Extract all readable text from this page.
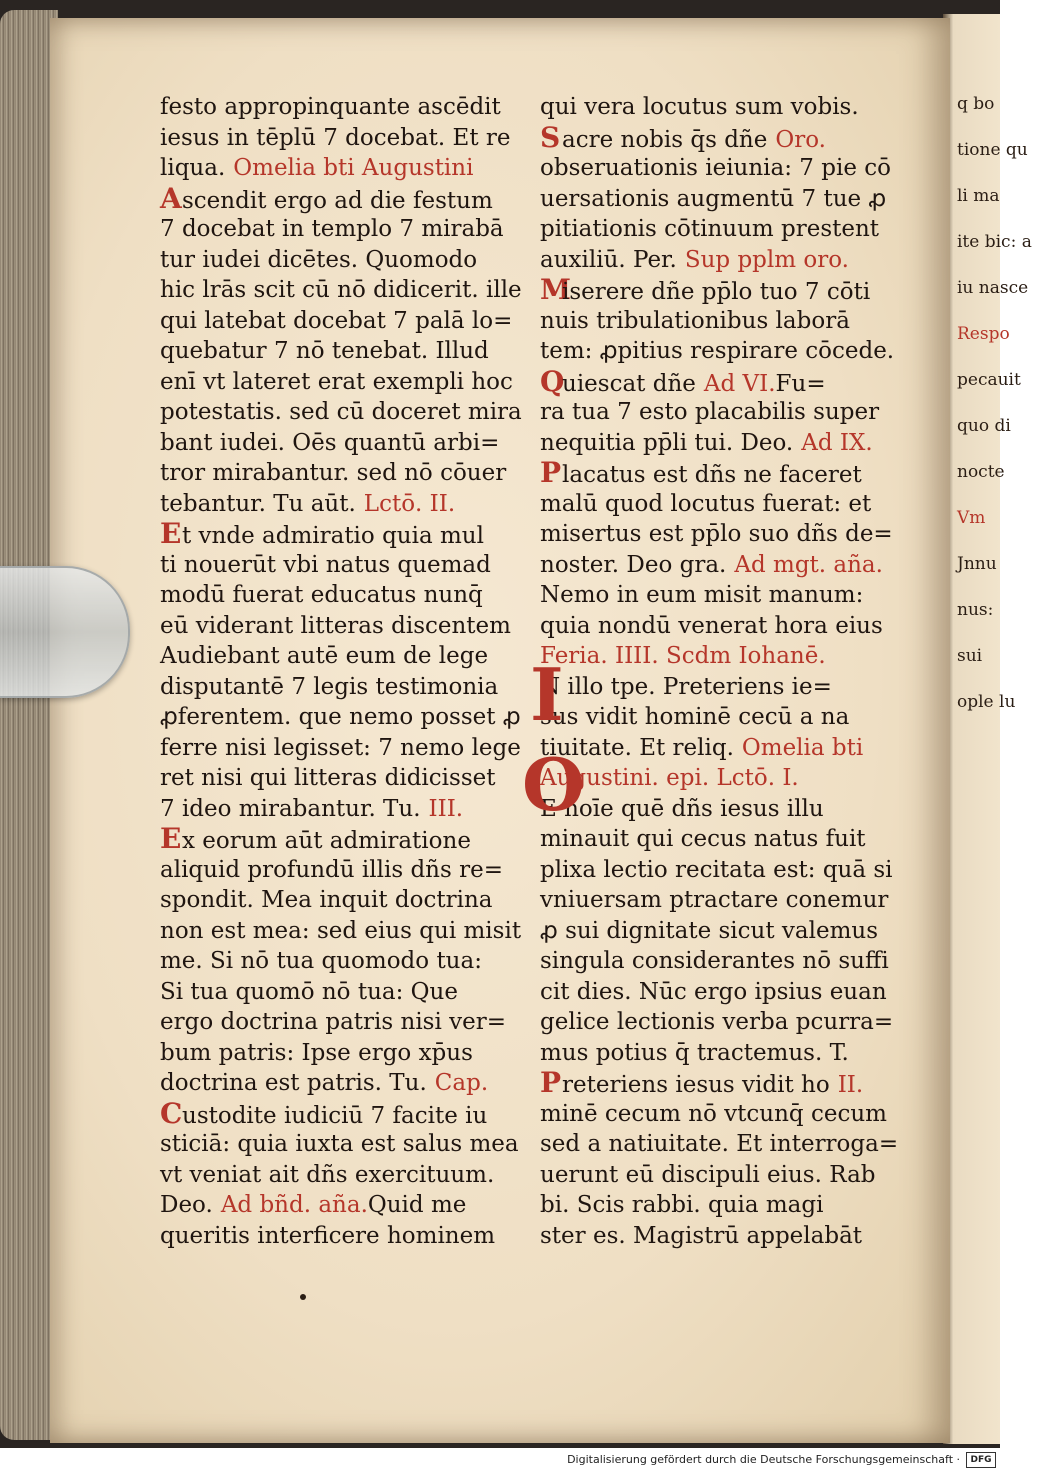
q bo
tione qu
li ma
ite bic: a
iu nasce
Respo
pecauit
quo di
nocte
Vm
Jnnu
nus:
sui
ople lu
festo appropinquante ascēdit
iesus in tēplū 7 docebat. Et re
liqua. Omelia bti Augustini
A scendit ergo ad die festum
7 docebat in templo 7 mirabā
tur iudei dicētes. Quomodo
hic lrās scit cū nō didicerit. ille
qui latebat docebat 7 palā lo=
quebatur 7 nō tenebat. Illud
enī vt lateret erat exempli hoc
potestatis. sed cū doceret mira
bant iudei. Oēs quantū arbi=
tror mirabantur. sed nō cōuer
tebantur. Tu aūt. Lctō. II.
E t vnde admiratio quia mul
ti nouerūt vbi natus quemad
modū fuerat educatus nunq̄
eū viderant litteras discentem
Audiebant autē eum de lege
disputantē 7 legis testimonia
ꝓferentem. que nemo posset ꝓ
ferre nisi legisset: 7 nemo lege
ret nisi qui litteras didicisset
7 ideo mirabantur. Tu. III.
E x eorum aūt admiratione
aliquid profundū illis dñs re=
spondit. Mea inquit doctrina
non est mea: sed eius qui misit
me. Si nō tua quomodo tua:
Si tua quomō nō tua: Que
ergo doctrina patris nisi ver=
bum patris: Ipse ergo xp̄us
doctrina est patris. Tu. Cap.
C ustodite iudiciū 7 facite iu
sticiā: quia iuxta est salus mea
vt veniat ait dñs exercituum.
Deo. Ad bñd. aña. Quid me
queritis interficere hominem
qui vera locutus sum vobis.
S acre nobis q̄s dñe Oro.
obseruationis ieiunia: 7 pie cō
uersationis augmentū 7 tue ꝓ
pitiationis cōtinuum prestent
auxiliū. Per. Sup pplm oro.
M
iserere dñe pp̄lo tuo 7 cōti
nuis tribulationibus laborā
tem: ꝓpitius respirare cōcede.
Q
uiescat dñe Ad VI. Fu=
ra tua 7 esto placabilis super
nequitia pp̄li tui. Deo. Ad IX.
P lacatus est dñs ne faceret
malū quod locutus fuerat: et
misertus est pp̄lo suo dñs de=
noster. Deo gra. Ad mgt. aña.
Nemo in eum misit manum:
quia nondū venerat hora eius
Feria. IIII. Scdm Iohanē.
N illo tpe. Preteriens ie=
sus vidit hominē cecū a na
tiuitate. Et reliq. Omelia bti
Augustini. epi. Lctō. I.
E hoīe quē dñs iesus illu
minauit qui cecus natus fuit
plixa lectio recitata est: quā si
vniuersam ptractare conemur
ꝓ sui dignitate sicut valemus
singula considerantes nō suffi
cit dies. Nūc ergo ipsius euan
gelice lectionis verba pcurra=
mus potius q̄ tractemus. T.
P reteriens iesus vidit ho II.
minē cecum nō vtcunq̄ cecum
sed a natiuitate. Et interroga=
uerunt eū discipuli eius. Rab
bi. Scis rabbi. quia magi
ster es. Magistrū appelabāt
I
O
Digitalisierung gefördert durch die Deutsche Forschungsgemeinschaft ·	DFG
